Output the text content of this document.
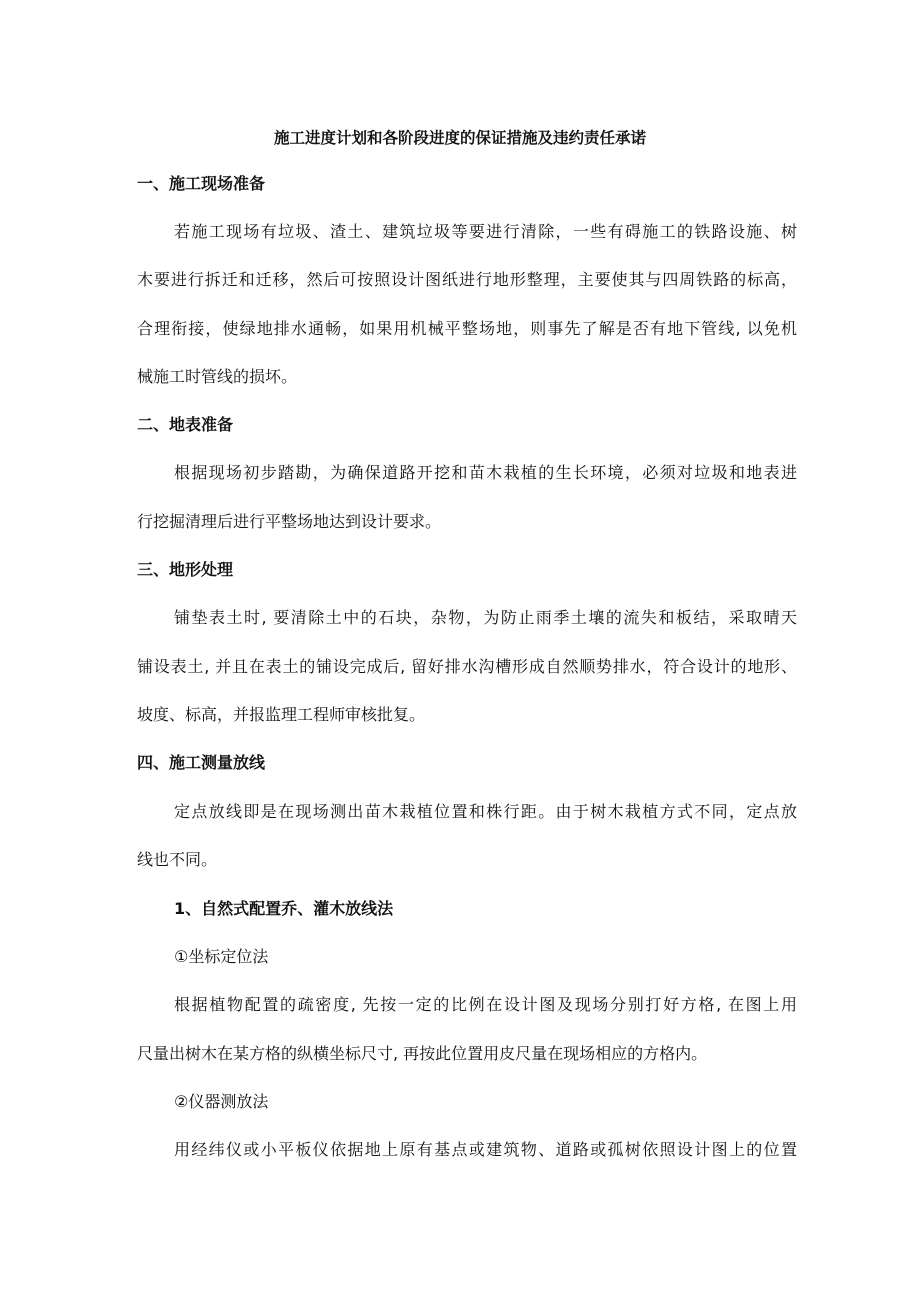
施工进度计划和各阶段进度的保证措施及违约责任承诺
一、施工现场准备
若施工现场有垃圾、渣土、建筑垃圾等要进行清除，一些有碍施工的铁路设施、树
木要进行拆迁和迁移，然后可按照设计图纸进行地形整理，主要使其与四周铁路的标高，
合理衔接，使绿地排水通畅，如果用机械平整场地，则事先了解是否有地下管线, 以免机
械施工时管线的损坏。
二、地表准备
根据现场初步踏勘，为确保道路开挖和苗木栽植的生长环境，必须对垃圾和地表进
行挖掘清理后进行平整场地达到设计要求。
三、地形处理
铺垫表土时, 要清除土中的石块，杂物，为防止雨季土壤的流失和板结，采取晴天
铺设表土, 并且在表土的铺设完成后, 留好排水沟槽形成自然顺势排水，符合设计的地形、
坡度、标高，并报监理工程师审核批复。
四、施工测量放线
定点放线即是在现场测出苗木栽植位置和株行距。由于树木栽植方式不同，定点放
线也不同。
1、自然式配置乔、灌木放线法
①坐标定位法
根据植物配置的疏密度, 先按一定的比例在设计图及现场分别打好方格, 在图上用
尺量出树木在某方格的纵横坐标尺寸, 再按此位置用皮尺量在现场相应的方格内。
②仪器测放法
用经纬仪或小平板仪依据地上原有基点或建筑物、道路或孤树依照设计图上的位置
